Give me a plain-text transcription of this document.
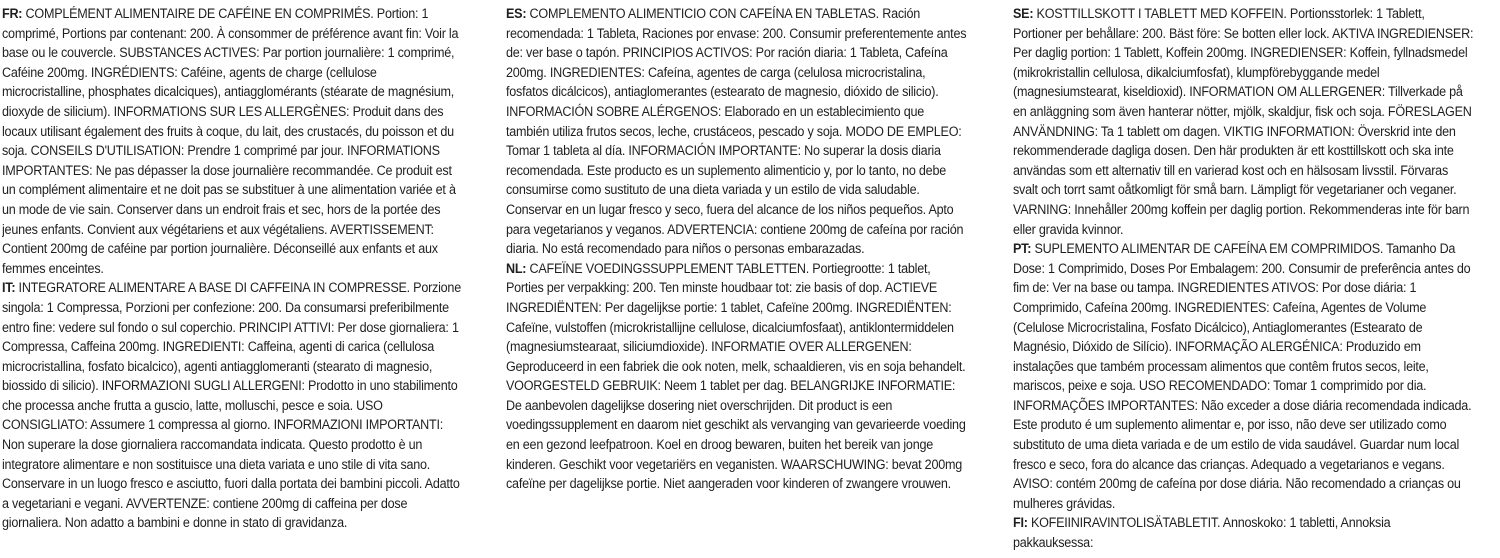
FR: COMPLÉMENT ALIMENTAIRE DE CAFÉINE EN COMPRIMÉS. Portion: 1 comprimé, Portions par contenant: 200. À consommer de préférence avant fin: Voir la base ou le couvercle. SUBSTANCES ACTIVES: Par portion journalière: 1 comprimé, Caféine 200mg. INGRÉDIENTS: Caféine, agents de charge (cellulose microcristalline, phosphates dicalciques), antiagglomérants (stéarate de magnésium, dioxyde de silicium). INFORMATIONS SUR LES ALLERGÈNES: Produit dans des locaux utilisant également des fruits à coque, du lait, des crustacés, du poisson et du soja. CONSEILS D'UTILISATION: Prendre 1 comprimé par jour. INFORMATIONS IMPORTANTES: Ne pas dépasser la dose journalière recommandée. Ce produit est un complément alimentaire et ne doit pas se substituer à une alimentation variée et à un mode de vie sain. Conserver dans un endroit frais et sec, hors de la portée des jeunes enfants. Convient aux végétariens et aux végétaliens. AVERTISSEMENT: Contient 200mg de caféine par portion journalière. Déconseillé aux enfants et aux femmes enceintes.

IT: INTEGRATORE ALIMENTARE A BASE DI CAFFEINA IN COMPRESSE. Porzione singola: 1 Compressa, Porzioni per confezione: 200. Da consumarsi preferibilmente entro fine: vedere sul fondo o sul coperchio. PRINCIPI ATTIVI: Per dose giornaliera: 1 Compressa, Caffeina 200mg. INGREDIENTI: Caffeina, agenti di carica (cellulosa microcristallina, fosfato bicalcico), agenti antiagglomeranti (stearato di magnesio, biossido di silicio). INFORMAZIONI SUGLI ALLERGENI: Prodotto in uno stabilimento che processa anche frutta a guscio, latte, molluschi, pesce e soia. USO CONSIGLIATO: Assumere 1 compressa al giorno. INFORMAZIONI IMPORTANTI: Non superare la dose giornaliera raccomandata indicata. Questo prodotto è un integratore alimentare e non sostituisce una dieta variata e uno stile di vita sano. Conservare in un luogo fresco e asciutto, fuori dalla portata dei bambini piccoli. Adatto a vegetariani e vegani. AVVERTENZE: contiene 200mg di caffeina per dose giornaliera. Non adatto a bambini e donne in stato di gravidanza.

ES: COMPLEMENTO ALIMENTICIO CON CAFEÍNA EN TABLETAS. Ración recomendada: 1 Tableta, Raciones por envase: 200. Consumir preferentemente antes de: ver base o tapón. PRINCIPIOS ACTIVOS: Por ración diaria: 1 Tableta, Cafeína 200mg. INGREDIENTES: Cafeína, agentes de carga (celulosa microcristalina, fosfatos dicálcicos), antiaglomerantes (estearato de magnesio, dióxido de silicio). INFORMACIÓN SOBRE ALÉRGENOS: Elaborado en un establecimiento que también utiliza frutos secos, leche, crustáceos, pescado y soja. MODO DE EMPLEO: Tomar 1 tableta al día. INFORMACIÓN IMPORTANTE: No superar la dosis diaria recomendada. Este producto es un suplemento alimenticio y, por lo tanto, no debe consumirse como sustituto de una dieta variada y un estilo de vida saludable. Conservar en un lugar fresco y seco, fuera del alcance de los niños pequeños. Apto para vegetarianos y veganos. ADVERTENCIA: contiene 200mg de cafeína por ración diaria. No está recomendado para niños o personas embarazadas.

NL: CAFEÏNE VOEDINGSSUPPLEMENT TABLETTEN. Portiegrootte: 1 tablet, Porties per verpakking: 200. Ten minste houdbaar tot: zie basis of dop. ACTIEVE INGREDIËNTEN: Per dagelijkse portie: 1 tablet, Cafeïne 200mg. INGREDIËNTEN: Cafeïne, vulstoffen (microkristallijne cellulose, dicalciumfosfaat), antiklontermiddelen (magnesiumstearaat, siliciumdioxide). INFORMATIE OVER ALLERGENEN: Geproduceerd in een fabriek die ook noten, melk, schaaldieren, vis en soja behandelt. VOORGESTELD GEBRUIK: Neem 1 tablet per dag. BELANGRIJKE INFORMATIE: De aanbevolen dagelijkse dosering niet overschrijden. Dit product is een voedingssupplement en daarom niet geschikt als vervanging van gevarieerde voeding en een gezond leefpatroon. Koel en droog bewaren, buiten het bereik van jonge kinderen. Geschikt voor vegetariërs en veganisten. WAARSCHUWING: bevat 200mg cafeïne per dagelijkse portie. Niet aangeraden voor kinderen of zwangere vrouwen.

SE: KOSTTILLSKOTT I TABLETT MED KOFFEIN. Portionsstorlek: 1 Tablett, Portioner per behållare: 200. Bäst före: Se botten eller lock. AKTIVA INGREDIENSER: Per daglig portion: 1 Tablett, Koffein 200mg. INGREDIENSER: Koffein, fyllnadsmedel (mikrokristallin cellulosa, dikalciumfosfat), klumpförebyggande medel (magnesiumstearat, kiseldioxid). INFORMATION OM ALLERGENER: Tillverkade på en anläggning som även hanterar nötter, mjölk, skaldjur, fisk och soja. FÖRESLAGEN ANVÄNDNING: Ta 1 tablett om dagen. VIKTIG INFORMATION: Överskrid inte den rekommenderade dagliga dosen. Den här produkten är ett kosttillskott och ska inte användas som ett alternativ till en varierad kost och en hälsosam livsstil. Förvaras svalt och torrt samt oåtkomligt för små barn. Lämpligt för vegetarianer och veganer. VARNING: Innehåller 200mg koffein per daglig portion. Rekommenderas inte för barn eller gravida kvinnor.

PT: SUPLEMENTO ALIMENTAR DE CAFEÍNA EM COMPRIMIDOS. Tamanho Da Dose: 1 Comprimido, Doses Por Embalagem: 200. Consumir de preferência antes do fim de: Ver na base ou tampa. INGREDIENTES ATIVOS: Por dose diária: 1 Comprimido, Cafeína 200mg. INGREDIENTES: Cafeína, Agentes de Volume (Celulose Microcristalina, Fosfato Dicálcico), Antiaglomerantes (Estearato de Magnésio, Dióxido de Silício). INFORMAÇÃO ALERGÉNICA: Produzido em instalações que também processam alimentos que contêm frutos secos, leite, mariscos, peixe e soja. USO RECOMENDADO: Tomar 1 comprimido por dia. INFORMAÇÕES IMPORTANTES: Não exceder a dose diária recomendada indicada. Este produto é um suplemento alimentar e, por isso, não deve ser utilizado como substituto de uma dieta variada e de um estilo de vida saudável. Guardar num local fresco e seco, fora do alcance das crianças. Adequado a vegetarianos e vegans. AVISO: contém 200mg de cafeína por dose diária. Não recomendado a crianças ou mulheres grávidas.

FI: KOFEIINIRAVINTOLISÄTABLETIT. Annoskoko: 1 tabletti, Annoksia pakkauksessa:
